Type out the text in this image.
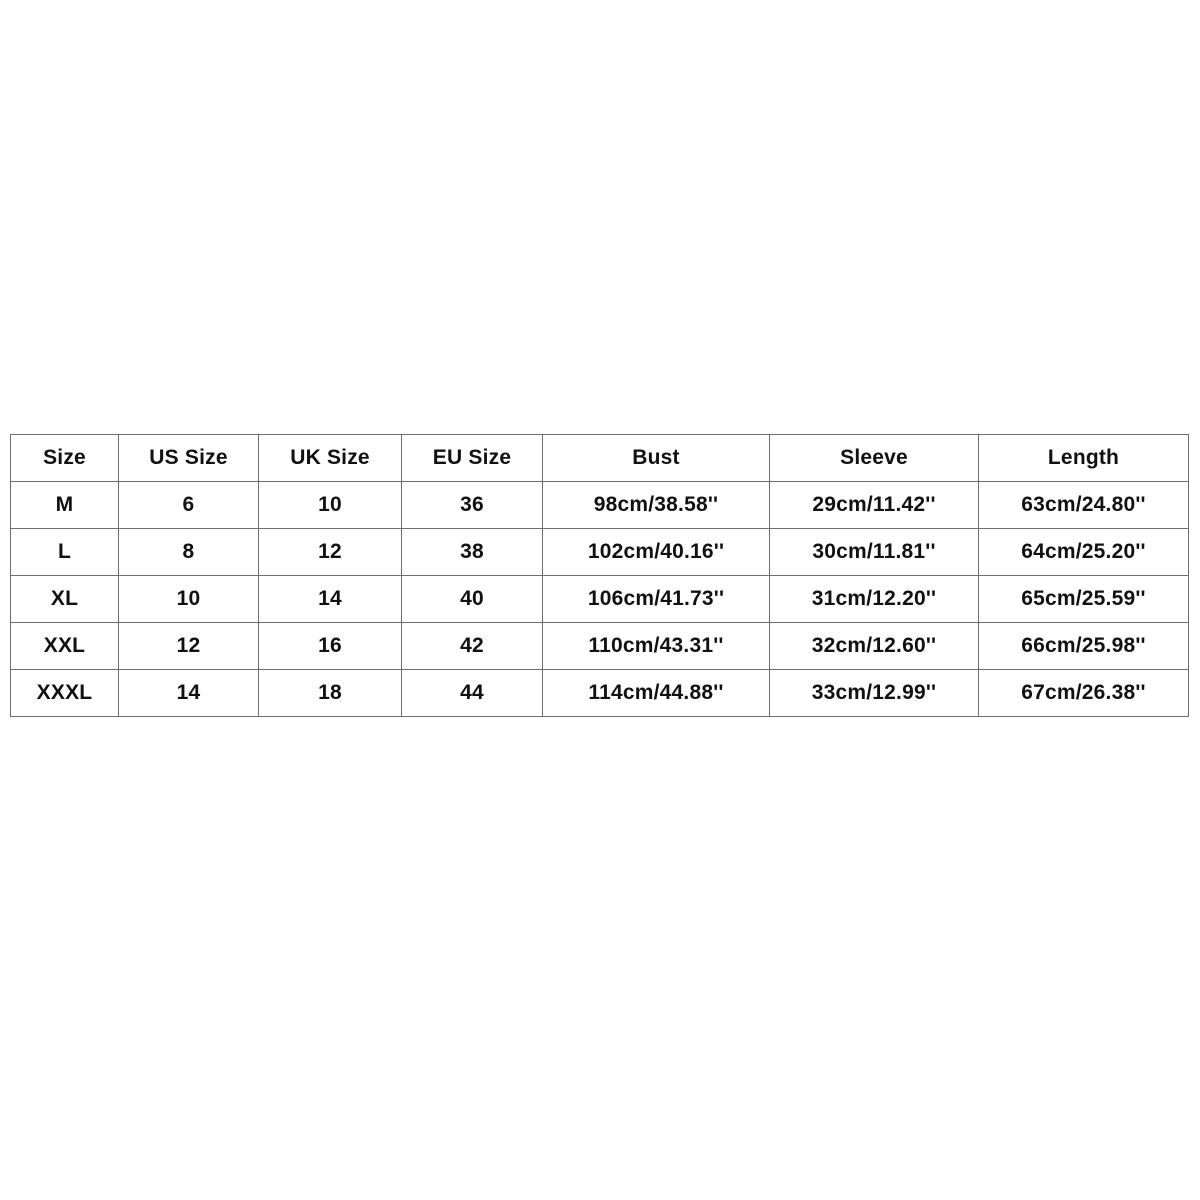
Size	US Size	UK Size	EU Size	Bust	Sleeve	Length
M	6	10	36	98cm/38.58''	29cm/11.42''	63cm/24.80''
L	8	12	38	102cm/40.16''	30cm/11.81''	64cm/25.20''
XL	10	14	40	106cm/41.73''	31cm/12.20''	65cm/25.59''
XXL	12	16	42	110cm/43.31''	32cm/12.60''	66cm/25.98''
XXXL	14	18	44	114cm/44.88''	33cm/12.99''	67cm/26.38''
